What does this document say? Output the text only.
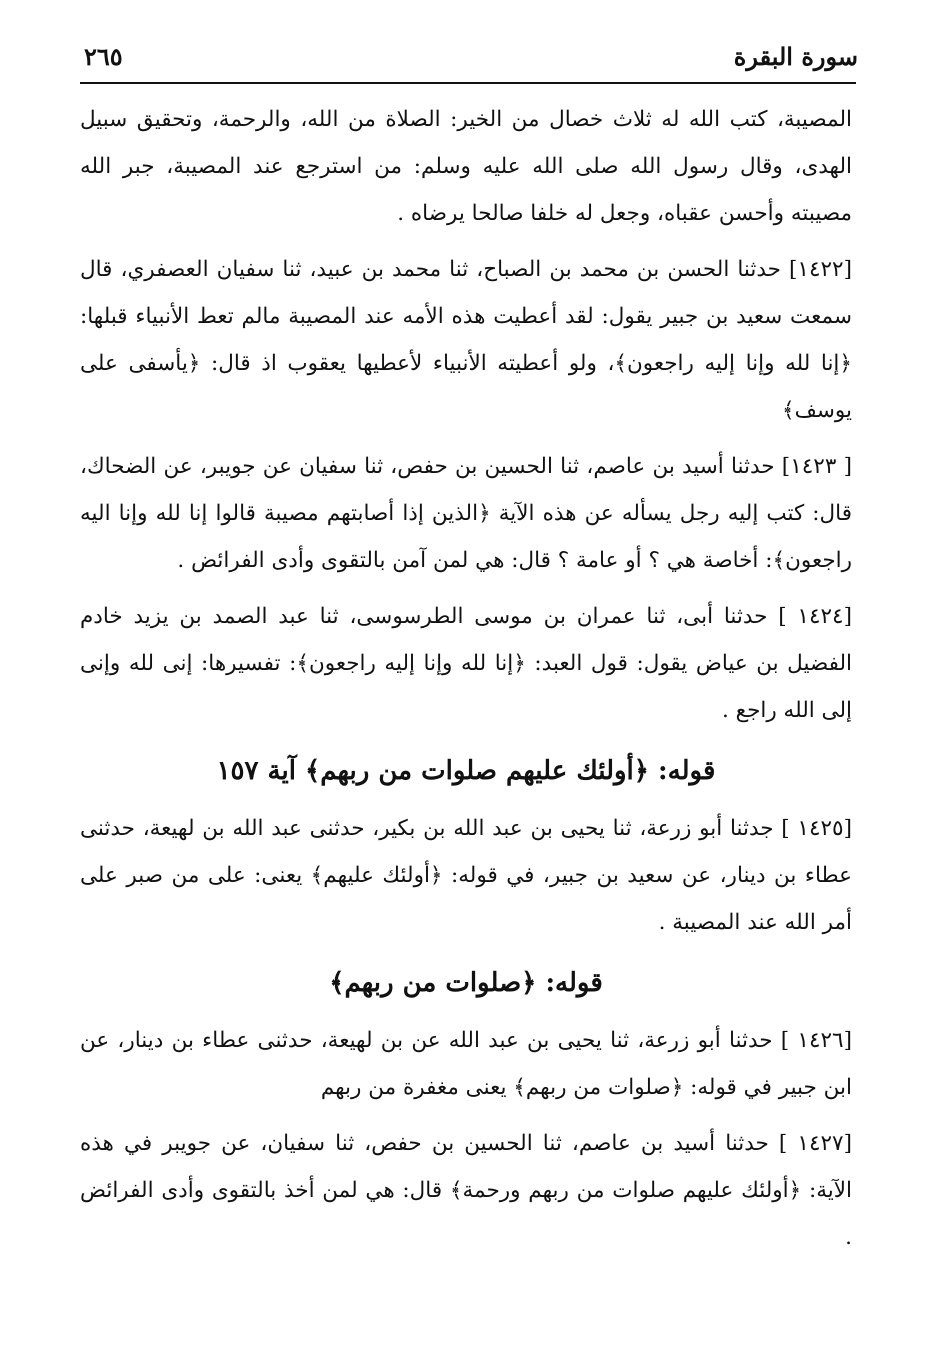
سورة البقرة
٢٦٥

المصيبة، كتب الله له ثلاث خصال من الخير: الصلاة من الله، والرحمة، وتحقيق سبيل الهدى، وقال رسول الله صلى الله عليه وسلم: من استرجع عند المصيبة، جبر الله مصيبته وأحسن عقباه، وجعل له خلفا صالحا يرضاه .

[١٤٢٢] حدثنا الحسن بن محمد بن الصباح، ثنا محمد بن عبيد، ثنا سفيان العصفري، قال سمعت سعيد بن جبير يقول: لقد أعطيت هذه الأمه عند المصيبة مالم تعط الأنبياء قبلها: ﴿إنا لله وإنا إليه راجعون﴾، ولو أعطيته الأنبياء لأعطيها يعقوب اذ قال: ﴿يأسفى على يوسف﴾

[ ١٤٢٣] حدثنا أسيد بن عاصم، ثنا الحسين بن حفص، ثنا سفيان عن جويبر، عن الضحاك، قال: كتب إليه رجل يسأله عن هذه الآية ﴿الذين إذا أصابتهم مصيبة قالوا إنا لله وإنا اليه راجعون﴾: أخاصة هي ؟ أو عامة ؟ قال: هي لمن آمن بالتقوى وأدى الفرائض .

[١٤٢٤ ] حدثنا أبى، ثنا عمران بن موسى الطرسوسى، ثنا عبد الصمد بن يزيد خادم الفضيل بن عياض يقول: قول العبد: ﴿إنا لله وإنا إليه راجعون﴾: تفسيرها: إنى لله وإنى إلى الله راجع .

قوله: ﴿أولئك عليهم صلوات من ربهم﴾ آية ١٥٧

[١٤٢٥ ] جدثنا أبو زرعة، ثنا يحيى بن عبد الله بن بكير، حدثنى عبد الله بن لهيعة، حدثنى عطاء بن دينار، عن سعيد بن جبير، في قوله: ﴿أولئك عليهم﴾ يعنى: على من صبر على أمر الله عند المصيبة .

قوله: ﴿صلوات من ربهم﴾

[١٤٢٦ ] حدثنا أبو زرعة، ثنا يحيى بن عبد الله عن بن لهيعة، حدثنى عطاء بن دينار، عن ابن جبير في قوله: ﴿صلوات من ربهم﴾ يعنى مغفرة من ربهم

[١٤٢٧ ] حدثنا أسيد بن عاصم، ثنا الحسين بن حفص، ثنا سفيان، عن جويبر في هذه الآية: ﴿أولئك عليهم صلوات من ربهم ورحمة﴾ قال: هي لمن أخذ بالتقوى وأدى الفرائض .
